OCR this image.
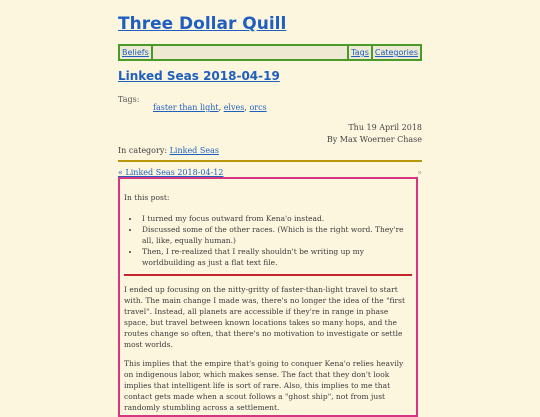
Three Dollar Quill
Beliefs	Tags Categories
Linked Seas 2018-04-19
Tags:
faster than light, elves, orcs
Thu 19 April 2018
By Max Woerner Chase
In category: Linked Seas
« Linked Seas 2018-04-12	»
In this post:
• I turned my focus outward from Kena'o instead.
• Discussed some of the other races. (Which is the right word. They're all, like, equally human.)
• Then, I re-realized that I really shouldn't be writing up my worldbuilding as just a flat text file.

I ended up focusing on the nitty-gritty of faster-than-light travel to start with. The main change I made was, there's no longer the idea of the "first travel". Instead, all planets are accessible if they're in range in phase space, but travel between known locations takes so many hops, and the routes change so often, that there's no motivation to investigate or settle most worlds.

This implies that the empire that's going to conquer Kena'o relies heavily on indigenous labor, which makes sense. The fact that they don't look implies that intelligent life is sort of rare. Also, this implies to me that contact gets made when a scout follows a "ghost ship", not from just randomly stumbling across a settlement.
